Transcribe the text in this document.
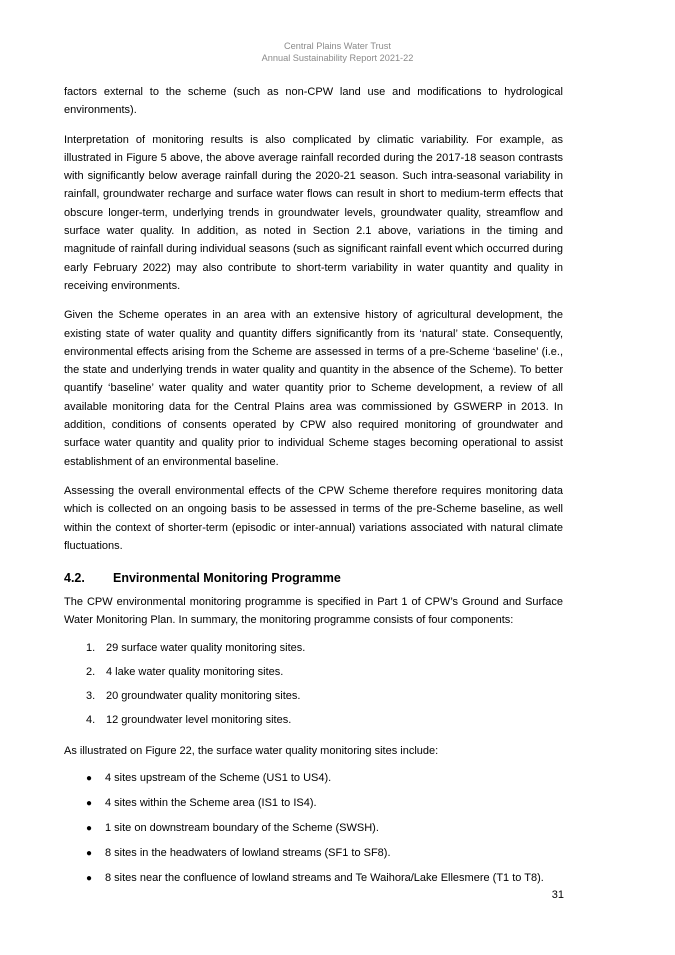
Central Plains Water Trust
Annual Sustainability Report 2021-22

factors external to the scheme (such as non-CPW land use and modifications to hydrological environments).

Interpretation of monitoring results is also complicated by climatic variability. For example, as illustrated in Figure 5 above, the above average rainfall recorded during the 2017-18 season contrasts with significantly below average rainfall during the 2020-21 season. Such intra-seasonal variability in rainfall, groundwater recharge and surface water flows can result in short to medium-term effects that obscure longer-term, underlying trends in groundwater levels, groundwater quality, streamflow and surface water quality. In addition, as noted in Section 2.1 above, variations in the timing and magnitude of rainfall during individual seasons (such as significant rainfall event which occurred during early February 2022) may also contribute to short-term variability in water quantity and quality in receiving environments.

Given the Scheme operates in an area with an extensive history of agricultural development, the existing state of water quality and quantity differs significantly from its ‘natural’ state. Consequently, environmental effects arising from the Scheme are assessed in terms of a pre-Scheme ‘baseline’ (i.e., the state and underlying trends in water quality and quantity in the absence of the Scheme). To better quantify ‘baseline’ water quality and water quantity prior to Scheme development, a review of all available monitoring data for the Central Plains area was commissioned by GSWERP in 2013. In addition, conditions of consents operated by CPW also required monitoring of groundwater and surface water quantity and quality prior to individual Scheme stages becoming operational to assist establishment of an environmental baseline.

Assessing the overall environmental effects of the CPW Scheme therefore requires monitoring data which is collected on an ongoing basis to be assessed in terms of the pre-Scheme baseline, as well within the context of shorter-term (episodic or inter-annual) variations associated with natural climate fluctuations.

4.2. Environmental Monitoring Programme

The CPW environmental monitoring programme is specified in Part 1 of CPW’s Ground and Surface Water Monitoring Plan. In summary, the monitoring programme consists of four components:

1. 29 surface water quality monitoring sites.
2. 4 lake water quality monitoring sites.
3. 20 groundwater quality monitoring sites.
4. 12 groundwater level monitoring sites.

As illustrated on Figure 22, the surface water quality monitoring sites include:

● 4 sites upstream of the Scheme (US1 to US4).
● 4 sites within the Scheme area (IS1 to IS4).
● 1 site on downstream boundary of the Scheme (SWSH).
● 8 sites in the headwaters of lowland streams (SF1 to SF8).
● 8 sites near the confluence of lowland streams and Te Waihora/Lake Ellesmere (T1 to T8).
31
